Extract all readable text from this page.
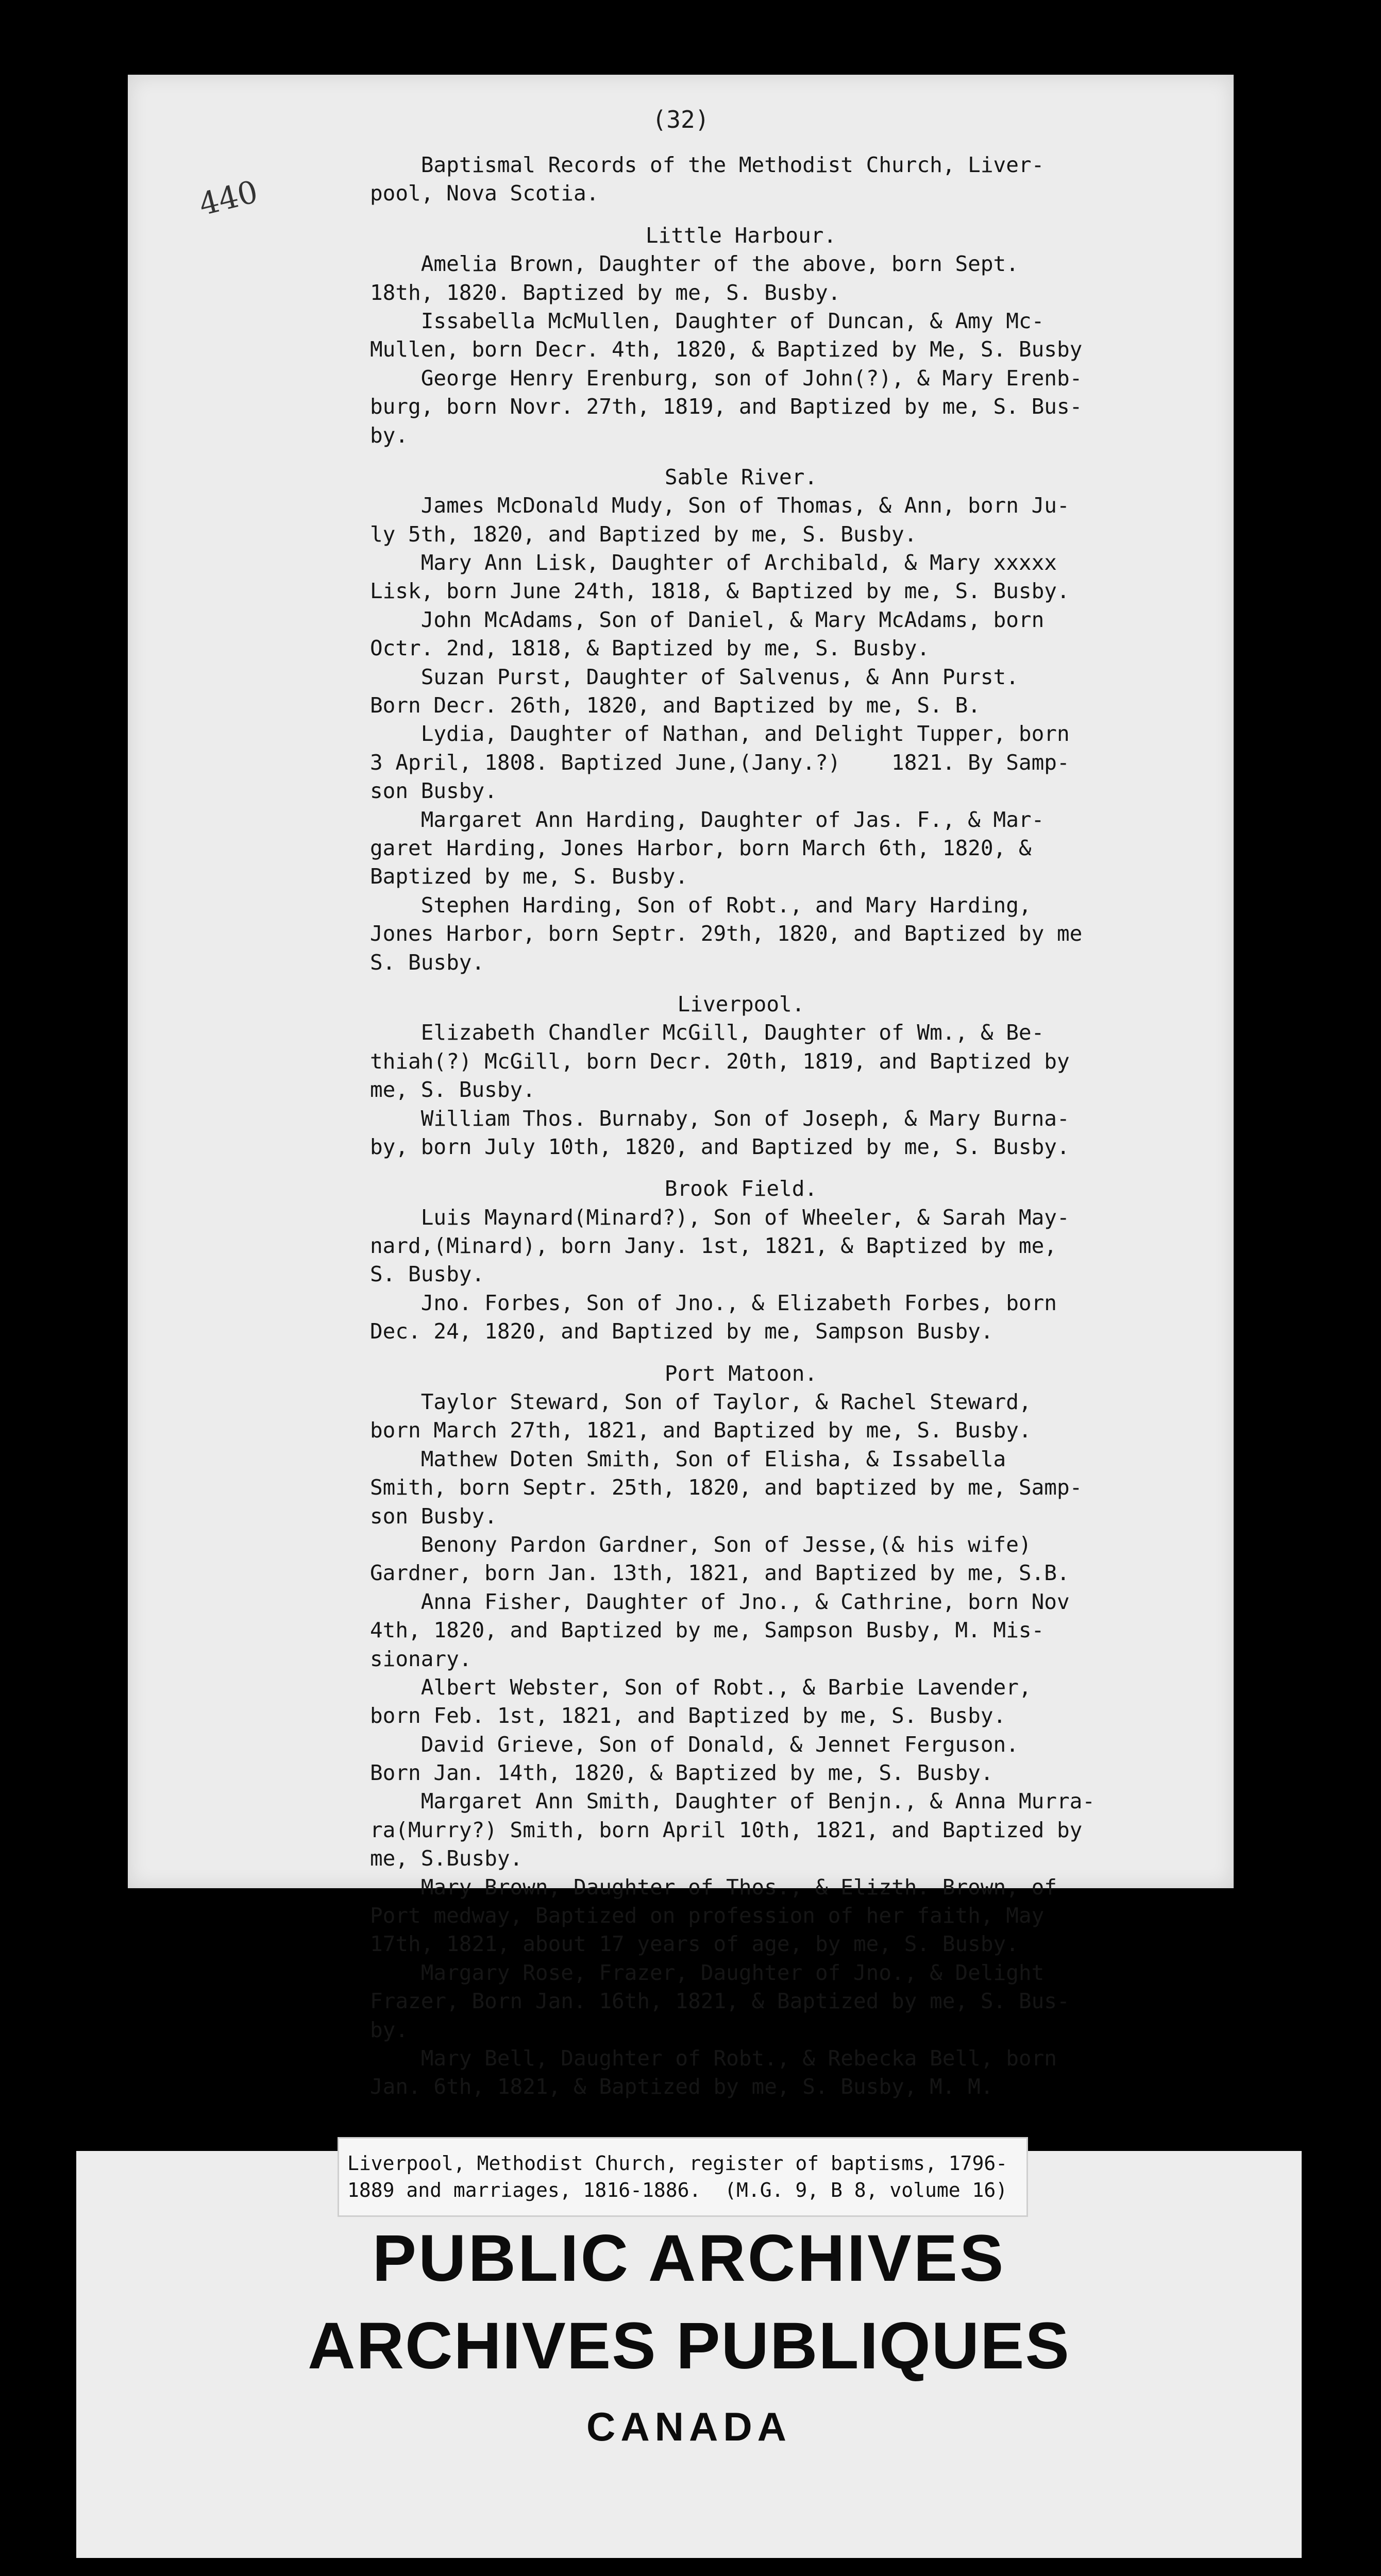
440
(32)
Baptismal Records of the Methodist Church, Liver-
pool, Nova Scotia.
Little Harbour.
Amelia Brown, Daughter of the above, born Sept.
18th, 1820. Baptized by me, S. Busby.
Issabella McMullen, Daughter of Duncan, & Amy Mc-
Mullen, born Decr. 4th, 1820, & Baptized by Me, S. Busby
George Henry Erenburg, son of John(?), & Mary Erenb-
burg, born Novr. 27th, 1819, and Baptized by me, S. Bus-
by.
Sable River.
James McDonald Mudy, Son of Thomas, & Ann, born Ju-
ly 5th, 1820, and Baptized by me, S. Busby.
Mary Ann Lisk, Daughter of Archibald, & Mary xxxxx
Lisk, born June 24th, 1818, & Baptized by me, S. Busby.
John McAdams, Son of Daniel, & Mary McAdams, born
Octr. 2nd, 1818, & Baptized by me, S. Busby.
Suzan Purst, Daughter of Salvenus, & Ann Purst.
Born Decr. 26th, 1820, and Baptized by me, S. B.
Lydia, Daughter of Nathan, and Delight Tupper, born
3 April, 1808. Baptized June,(Jany.?)    1821. By Samp-
son Busby.
Margaret Ann Harding, Daughter of Jas. F., & Mar-
garet Harding, Jones Harbor, born March 6th, 1820, &
Baptized by me, S. Busby.
Stephen Harding, Son of Robt., and Mary Harding,
Jones Harbor, born Septr. 29th, 1820, and Baptized by me
S. Busby.
Liverpool.
Elizabeth Chandler McGill, Daughter of Wm., & Be-
thiah(?) McGill, born Decr. 20th, 1819, and Baptized by
me, S. Busby.
William Thos. Burnaby, Son of Joseph, & Mary Burna-
by, born July 10th, 1820, and Baptized by me, S. Busby.
Brook Field.
Luis Maynard(Minard?), Son of Wheeler, & Sarah May-
nard,(Minard), born Jany. 1st, 1821, & Baptized by me,
S. Busby.
Jno. Forbes, Son of Jno., & Elizabeth Forbes, born
Dec. 24, 1820, and Baptized by me, Sampson Busby.
Port Matoon.
Taylor Steward, Son of Taylor, & Rachel Steward,
born March 27th, 1821, and Baptized by me, S. Busby.
Mathew Doten Smith, Son of Elisha, & Issabella
Smith, born Septr. 25th, 1820, and baptized by me, Samp-
son Busby.
Benony Pardon Gardner, Son of Jesse,(& his wife)
Gardner, born Jan. 13th, 1821, and Baptized by me, S.B.
Anna Fisher, Daughter of Jno., & Cathrine, born Nov
4th, 1820, and Baptized by me, Sampson Busby, M. Mis-
sionary.
Albert Webster, Son of Robt., & Barbie Lavender,
born Feb. 1st, 1821, and Baptized by me, S. Busby.
David Grieve, Son of Donald, & Jennet Ferguson.
Born Jan. 14th, 1820, & Baptized by me, S. Busby.
Margaret Ann Smith, Daughter of Benjn., & Anna Murra-
ra(Murry?) Smith, born April 10th, 1821, and Baptized by
me, S.Busby.
Mary Brown, Daughter of Thos., & Elizth. Brown, of
Port medway, Baptized on profession of her faith, May
17th, 1821, about 17 years of age, by me, S. Busby.
Margary Rose, Frazer, Daughter of Jno., & Delight
Frazer, Born Jan. 16th, 1821, & Baptized by me, S. Bus-
by.
Mary Bell, Daughter of Robt., & Rebecka Bell, born
Jan. 6th, 1821, & Baptized by me, S. Busby, M. M.
Liverpool, Methodist Church, register of baptisms, 1796-
1889 and marriages, 1816-1886.  (M.G. 9, B 8, volume 16)
PUBLIC ARCHIVES
ARCHIVES PUBLIQUES
CANADA
